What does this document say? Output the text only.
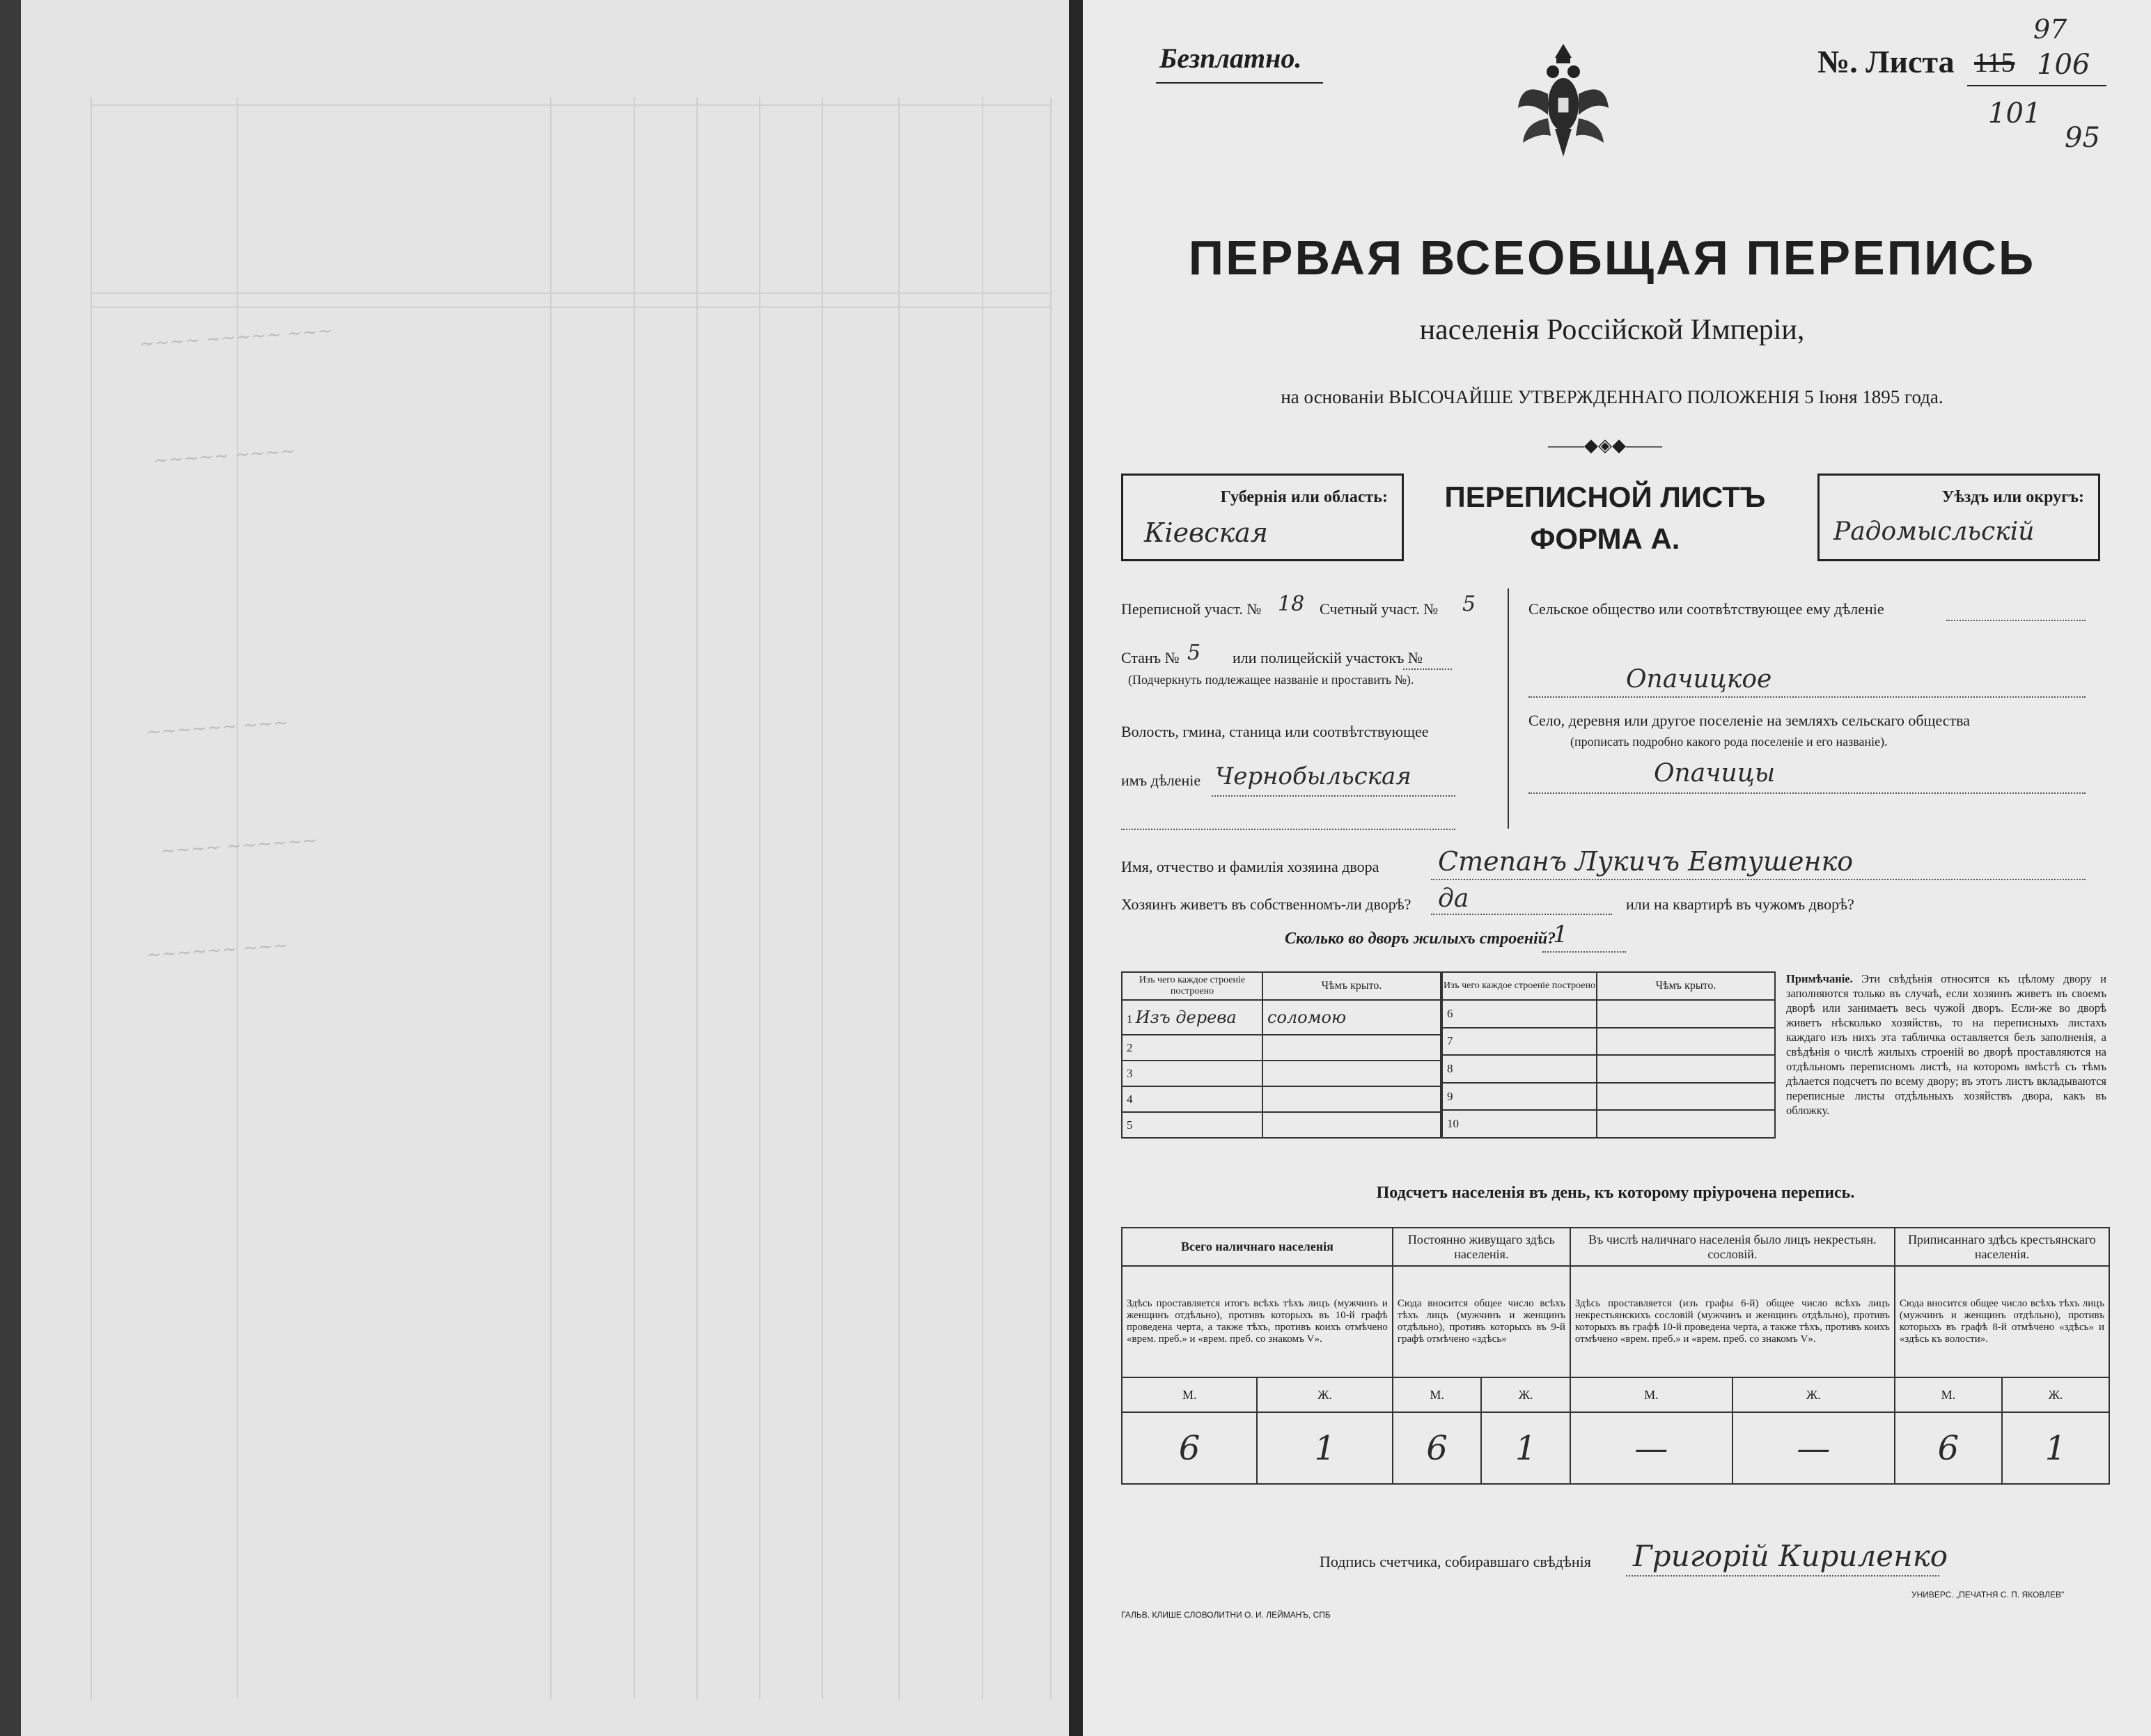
~~~~ ~~~~~ ~~~
~~~~~ ~~~~
~~~~~~ ~~~
~~~~ ~~~~~~
~~~~~~ ~~~
Безплатно.	№. Листа 115 106
97
101
95
ПЕРВАЯ ВСЕОБЩАЯ ПЕРЕПИСЬ
населенія Россійской Имперіи,
на основаніи ВЫСОЧАЙШЕ УТВЕРЖДЕННАГО ПОЛОЖЕНІЯ 5 Іюня 1895 года.
——◆◈◆——
Губернія или область:
Кіевская
ПЕРЕПИСНОЙ ЛИСТЪ
ФОРМА А.
Уѣздъ или округъ:
Радомысльскій
Переписной участ. № 18 Счетный участ. № 5
Станъ № 5 или полицейскій участокъ №
(Подчеркнуть подлежащее названіе и проставить №).
Волость, гмина, станица или соотвѣтствующее
имъ дѣленіе Чернобыльская
Сельское общество или соотвѣтствующее ему дѣленіе
Опачицкое
Село, деревня или другое поселеніе на земляхъ сельскаго общества
(прописать подробно какого рода поселеніе и его названіе).
Опачицы
Имя, отчество и фамилія хозяина двора Степанъ Лукичъ Евтушенко
Хозяинъ живетъ въ собственномъ-ли дворѣ? да	или на квартирѣ въ чужомъ дворѣ?
Сколько во дворъ жилыхъ строеній?
1
Изъ чего каждое строеніе построено	Чѣмъ крыто.
1 Изъ дерева	соломою
2	
3	
4	
5	
Изъ чего каждое строеніе построено	Чѣмъ крыто.
6	
7	
8	
9	
10	
Примѣчаніе. Эти свѣдѣнія относятся къ цѣлому двору и заполняются только въ случаѣ, если хозяинъ живетъ въ своемъ дворѣ или занимаетъ весь чужой дворъ. Если-же во дворѣ живетъ нѣсколько хозяйствъ, то на переписныхъ листахъ каждаго изъ нихъ эта табличка оставляется безъ заполненія, а свѣдѣнія о числѣ жилыхъ строеній во дворѣ проставляются на отдѣльномъ переписномъ листѣ, на которомъ вмѣстѣ съ тѣмъ дѣлается подсчетъ по всему двору; въ этотъ листъ вкладываются переписные листы отдѣльныхъ хозяйствъ двора, какъ въ обложку.
Подсчетъ населенія въ день, къ которому пріурочена перепись.
Всего наличнаго населенія		Постоянно живущаго здѣсь населенія.		Въ числѣ наличнаго населенія было лицъ некрестьян. сословій.		Приписаннаго здѣсь крестьянскаго населенія.	
Здѣсь проставляется итогъ всѣхъ тѣхъ лицъ (мужчинъ и женщинъ отдѣльно), противъ которыхъ въ 10-й графѣ проведена черта, а также тѣхъ, противъ коихъ отмѣчено «врем. преб.» и «врем. преб. со знакомъ V».		Сюда вносится общее число всѣхъ тѣхъ лицъ (мужчинъ и женщинъ отдѣльно), противъ которыхъ въ 9-й графѣ отмѣчено «здѣсь»		Здѣсь проставляется (изъ графы 6-й) общее число всѣхъ лицъ некрестьянскихъ сословій (мужчинъ и женщинъ отдѣльно), противъ которыхъ въ графѣ 10-й проведена черта, а также тѣхъ, противъ коихъ отмѣчено «врем. преб.» и «врем. преб. со знакомъ V».		Сюда вносится общее число всѣхъ тѣхъ лицъ (мужчинъ и женщинъ отдѣльно), противъ которыхъ въ графѣ 8-й отмѣчено «здѣсь» и «здѣсь къ волости».	
М.	Ж.	М.	Ж.	М.	Ж.	М.	Ж.
6	1	6	1	—	—	6	1
Подпись счетчика, собиравшаго свѣдѣнія Григорій Кириленко
ГАЛЬВ. КЛИШЕ СЛОВОЛИТНИ О. И. ЛЕЙМАНЪ, СПБ
УНИВЕРС. „ПЕЧАТНЯ С. П. ЯКОВЛЕВ"
